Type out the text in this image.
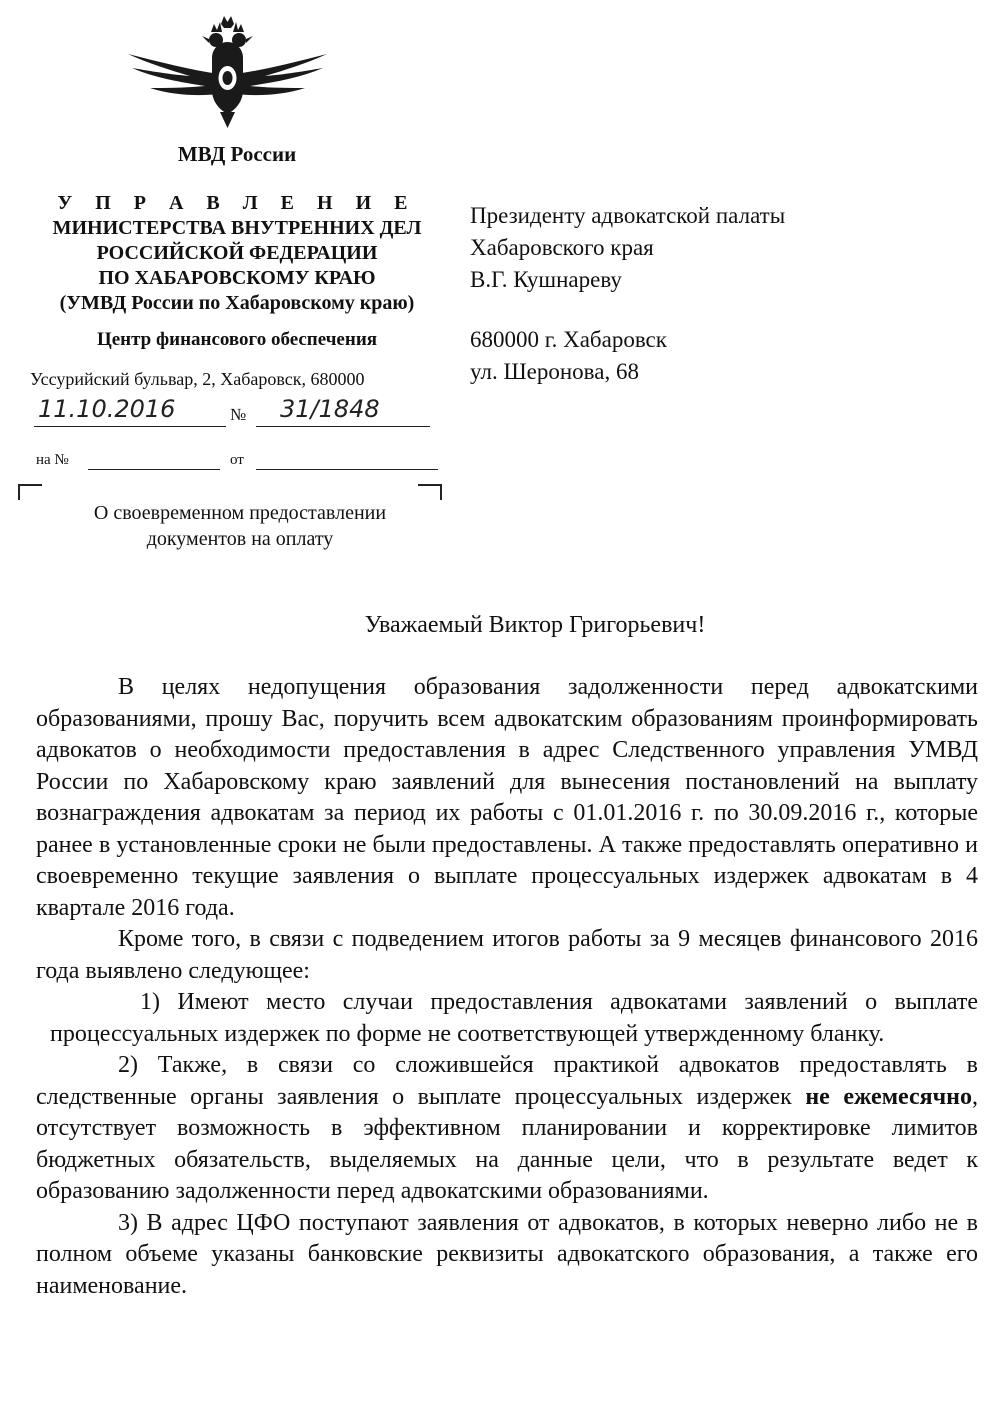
МВД России
У П Р А В Л Е Н И Е
МИНИСТЕРСТВА ВНУТРЕННИХ ДЕЛ
РОССИЙСКОЙ ФЕДЕРАЦИИ
ПО ХАБАРОВСКОМУ КРАЮ
(УМВД России по Хабаровскому краю)
Центр финансового обеспечения
Уссурийский бульвар, 2, Хабаровск, 680000
11.10.2016	№ 31/1848
на №	от
О своевременном предоставлении
документов на оплату

Президенту адвокатской палаты

Хабаровского края

В.Г. Кушнареву

680000 г. Хабаровск

ул. Шеронова, 68

Уважаемый Виктор Григорьевич!

В целях недопущения образования задолженности перед адвокатскими образованиями, прошу Вас, поручить всем адвокатским образованиям проинформировать адвокатов о необходимости предоставления в адрес Следственного управления УМВД России по Хабаровскому краю заявлений для вынесения постановлений на выплату вознаграждения адвокатам за период их работы с 01.01.2016 г. по 30.09.2016 г., которые ранее в установленные сроки не были предоставлены. А также предоставлять оперативно и своевременно текущие заявления о выплате процессуальных издержек адвокатам в 4 квартале 2016 года.

Кроме того, в связи с подведением итогов работы за 9 месяцев финансового 2016 года выявлено следующее:

1) Имеют место случаи предоставления адвокатами заявлений о выплате процессуальных издержек по форме не соответствующей утвержденному бланку.

2) Также, в связи со сложившейся практикой адвокатов предоставлять в следственные органы заявления о выплате процессуальных издержек не ежемесячно, отсутствует возможность в эффективном планировании и корректировке лимитов бюджетных обязательств, выделяемых на данные цели, что в результате ведет к образованию задолженности перед адвокатскими образованиями.

3) В адрес ЦФО поступают заявления от адвокатов, в которых неверно либо не в полном объеме указаны банковские реквизиты адвокатского образования, а также его наименование.
